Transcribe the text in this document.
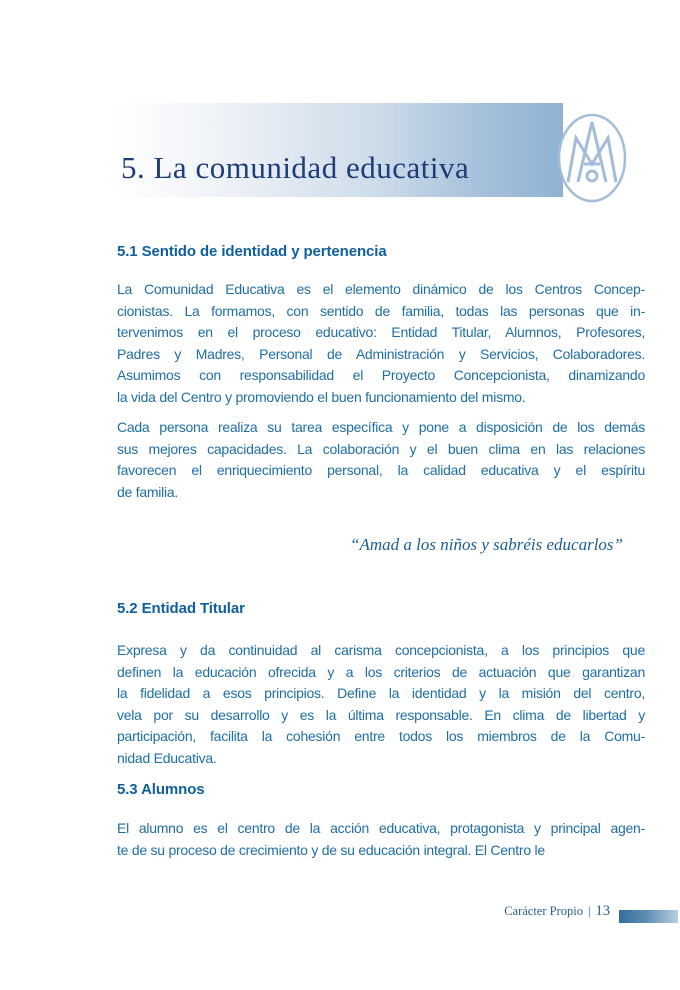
5. La comunidad educativa
5.1 Sentido de identidad y pertenencia
La Comunidad Educativa es el elemento dinámico de los Centros Concep-
cionistas. La formamos, con sentido de familia, todas las personas que in-
tervenimos en el proceso educativo: Entidad Titular, Alumnos, Profesores,
Padres y Madres, Personal de Administración y Servicios, Colaboradores.
Asumimos con responsabilidad el Proyecto Concepcionista, dinamizando
la vida del Centro y promoviendo el buen funcionamiento del mismo.
Cada persona realiza su tarea específica y pone a disposición de los demás
sus mejores capacidades. La colaboración y el buen clima en las relaciones
favorecen el enriquecimiento personal, la calidad educativa y el espíritu
de familia.
“Amad a los niños y sabréis educarlos”
5.2 Entidad Titular
Expresa y da continuidad al carisma concepcionista, a los principios que
definen la educación ofrecida y a los criterios de actuación que garantizan
la fidelidad a esos principios. Define la identidad y la misión del centro,
vela por su desarrollo y es la última responsable. En clima de libertad y
participación, facilita la cohesión entre todos los miembros de la Comu-
nidad Educativa.
5.3 Alumnos
El alumno es el centro de la acción educativa, protagonista y principal agen-
te de su proceso de crecimiento y de su educación integral. El Centro le
Carácter Propio | 13
